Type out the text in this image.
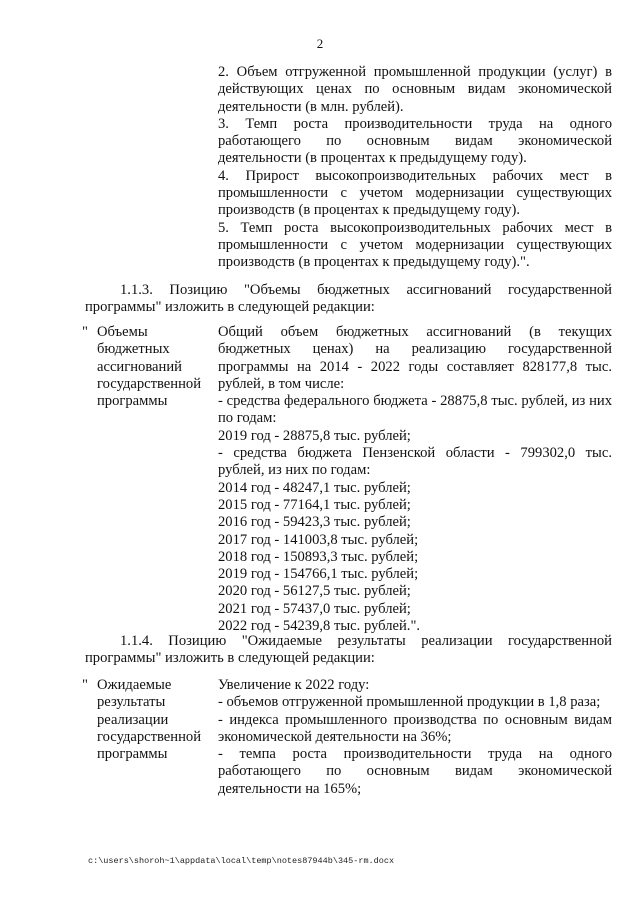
2
2. Объем отгруженной промышленной продукции (услуг) в действующих ценах по основным видам экономической деятельности (в млн. рублей).
3. Темп роста производительности труда на одного работающего по основным видам экономической деятельности (в процентах к предыдущему году).
4. Прирост высокопроизводительных рабочих мест в промышленности с учетом модернизации существующих производств (в процентах к предыдущему году).
5. Темп роста высокопроизводительных рабочих мест в промышленности с учетом модернизации существующих производств (в процентах к предыдущему году).".
1.1.3. Позицию "Объемы бюджетных ассигнований государственной программы" изложить в следующей редакции:
" Объемы бюджетных ассигнований государственной программы
Общий объем бюджетных ассигнований (в текущих бюджетных ценах) на реализацию государственной программы на 2014 - 2022 годы составляет 828177,8 тыс. рублей, в том числе:
- средства федерального бюджета - 28875,8 тыс. рублей, из них по годам:
2019 год - 28875,8 тыс. рублей;
- средства бюджета Пензенской области - 799302,0 тыс. рублей, из них по годам:
2014 год - 48247,1 тыс. рублей;
2015 год - 77164,1 тыс. рублей;
2016 год - 59423,3 тыс. рублей;
2017 год - 141003,8 тыс. рублей;
2018 год - 150893,3 тыс. рублей;
2019 год - 154766,1 тыс. рублей;
2020 год - 56127,5 тыс. рублей;
2021 год - 57437,0 тыс. рублей;
2022 год - 54239,8 тыс. рублей.".
1.1.4. Позицию "Ожидаемые результаты реализации государственной программы" изложить в следующей редакции:
" Ожидаемые результаты реализации государственной программы
Увеличение к 2022 году:
- объемов отгруженной промышленной продукции в 1,8 раза;
- индекса промышленного производства по основным видам экономической деятельности на 36%;
- темпа роста производительности труда на одного работающего по основным видам экономической деятельности на 165%;
c:\users\shoroh~1\appdata\local\temp\notes87944b\345-rm.docx
